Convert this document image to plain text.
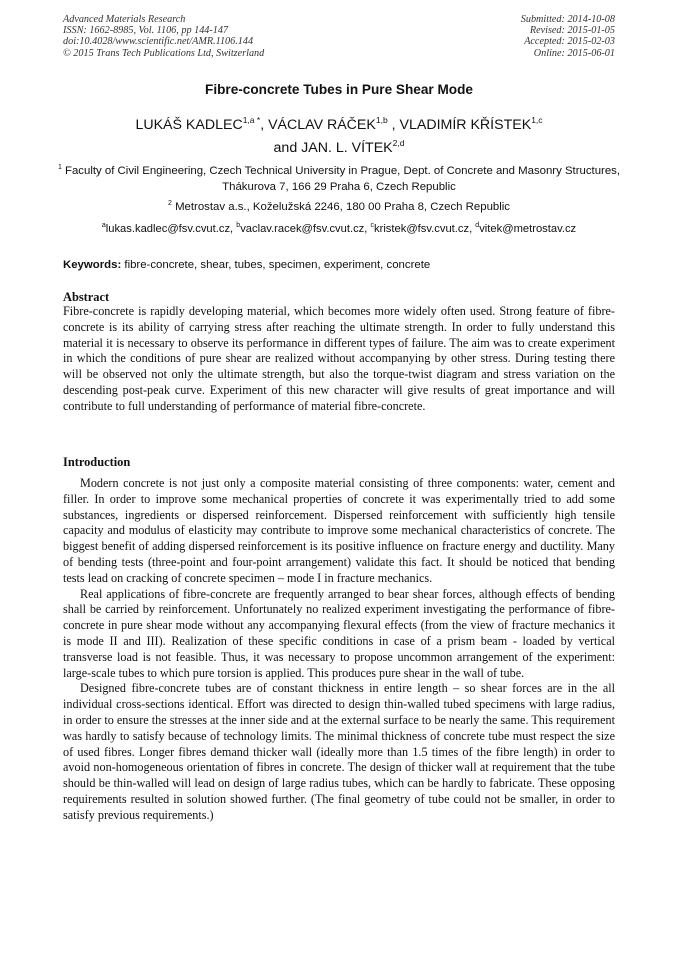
Advanced Materials Research
ISSN: 1662-8985, Vol. 1106, pp 144-147
doi:10.4028/www.scientific.net/AMR.1106.144
© 2015 Trans Tech Publications Ltd, Switzerland
Submitted: 2014-10-08
Revised: 2015-01-05
Accepted: 2015-02-03
Online: 2015-06-01
Fibre-concrete Tubes in Pure Shear Mode
LUKÁŠ $KADLEC^{1,a *}$, VÁCLAV RÁČEK$^{1,b}$ , VLADIMÍR KŘÍSTEK$^{1,c}$
and JAN. L. VÍTEK$^{2,d}$
$^1$ Faculty of Civil Engineering, Czech Technical University in Prague, Dept. of Concrete and Masonry Structures, Thákurova 7, 166 29 Praha 6, Czech Republic
$^2$ Metrostav a.s., Koželužská 2246, 180 00 Praha 8, Czech Republic
$^a$lukas.kadlec@fsv.cvut.cz, $^b$vaclav.racek@fsv.cvut.cz, $^c$kristek@fsv.cvut.cz, $^d$vitek@metrostav.cz
Keywords: fibre-concrete, shear, tubes, specimen, experiment, concrete
Abstract

Fibre-concrete is rapidly developing material, which becomes more widely often used. Strong feature of fibre-concrete is its ability of carrying stress after reaching the ultimate strength. In order to fully understand this material it is necessary to observe its performance in different types of failure. The aim was to create experiment in which the conditions of pure shear are realized without accompanying by other stress. During testing there will be observed not only the ultimate strength, but also the torque-twist diagram and stress variation on the descending post-peak curve. Experiment of this new character will give results of great importance and will contribute to full understanding of performance of material fibre-concrete.

Introduction

Modern concrete is not just only a composite material consisting of three components: water, cement and filler. In order to improve some mechanical properties of concrete it was experimentally tried to add some substances, ingredients or dispersed reinforcement. Dispersed reinforcement with sufficiently high tensile capacity and modulus of elasticity may contribute to improve some mechanical characteristics of concrete. The biggest benefit of adding dispersed reinforcement is its positive influence on fracture energy and ductility. Many of bending tests (three-point and four-point arrangement) validate this fact. It should be noticed that bending tests lead on cracking of concrete specimen – mode I in fracture mechanics.

Real applications of fibre-concrete are frequently arranged to bear shear forces, although effects of bending shall be carried by reinforcement. Unfortunately no realized experiment investigating the performance of fibre-concrete in pure shear mode without any accompanying flexural effects (from the view of fracture mechanics it is mode II and III). Realization of these specific conditions in case of a prism beam - loaded by vertical transverse load is not feasible. Thus, it was necessary to propose uncommon arrangement of the experiment: large-scale tubes to which pure torsion is applied. This produces pure shear in the wall of tube.

Designed fibre-concrete tubes are of constant thickness in entire length – so shear forces are in the all individual cross-sections identical. Effort was directed to design thin-walled tubed specimens with large radius, in order to ensure the stresses at the inner side and at the external surface to be nearly the same. This requirement was hardly to satisfy because of technology limits. The minimal thickness of concrete tube must respect the size of used fibres. Longer fibres demand thicker wall (ideally more than 1.5 times of the fibre length) in order to avoid non-homogeneous orientation of fibres in concrete. The design of thicker wall at requirement that the tube should be thin-walled will lead on design of large radius tubes, which can be hardly to fabricate. These opposing requirements resulted in solution showed further. (The final geometry of tube could not be smaller, in order to satisfy previous requirements.)
